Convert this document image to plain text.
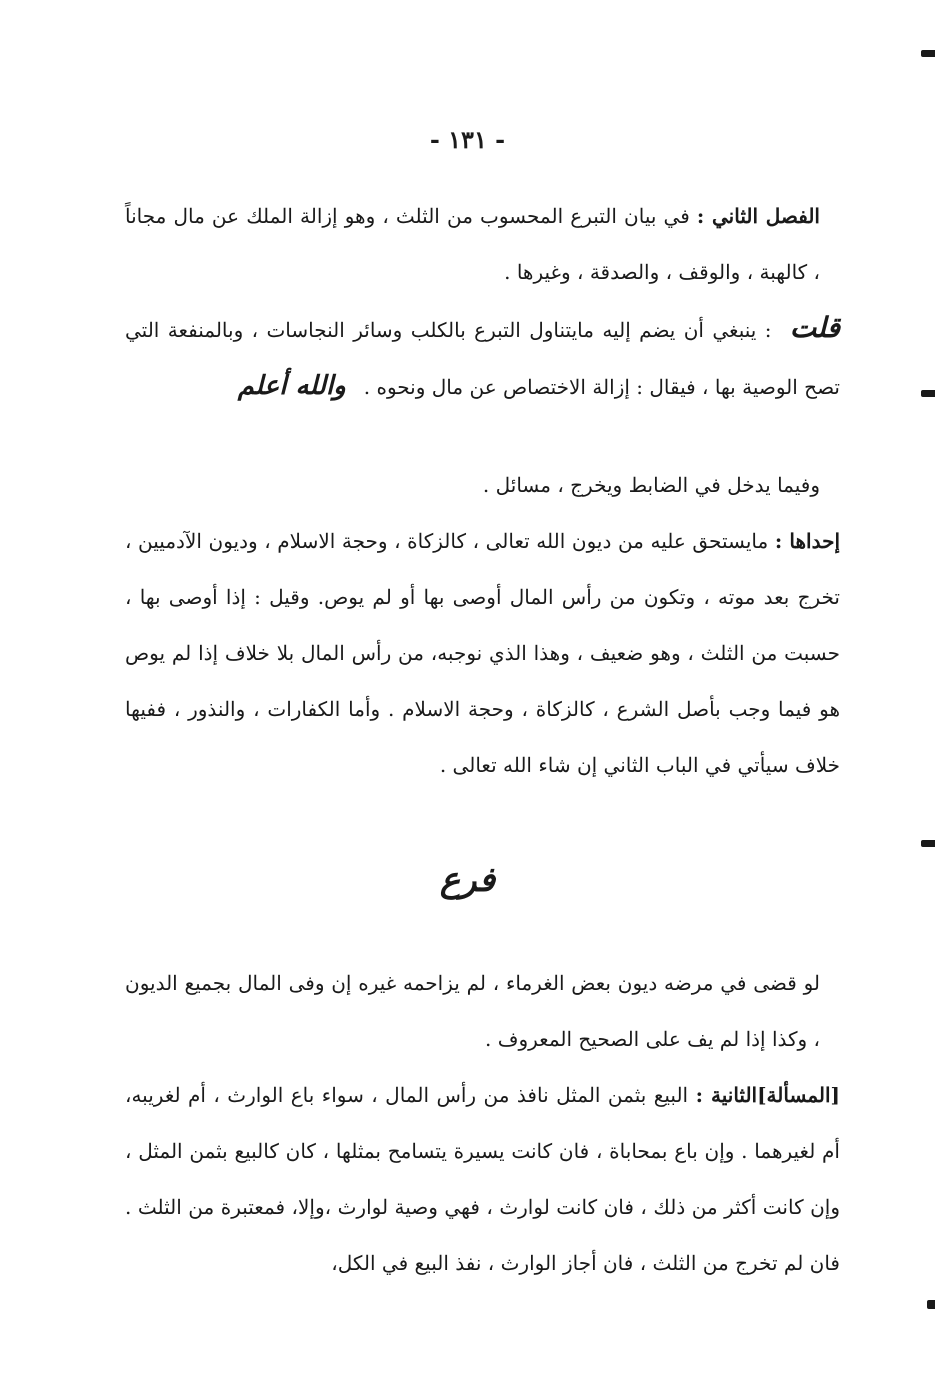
- ١٣١ -

الفصل الثاني : في بيان التبرع المحسوب من الثلث ، وهو إزالة الملك عن مال مجاناً ، كالهبة ، والوقف ، والصدقة ، وغيرها .

قلت : ينبغي أن يضم إليه مايتناول التبرع بالكلب وسائر النجاسات ، وبالمنفعة التي تصح الوصية بها ، فيقال : إزالة الاختصاص عن مال ونحوه .والله أعلم

وفيما يدخل في الضابط ويخرج ، مسائل .

إحداها : مايستحق عليه من ديون الله تعالى ، كالزكاة ، وحجة الاسلام ، وديون الآدميين ، تخرج بعد موته ، وتكون من رأس المال أوصى بها أو لم يوص. وقيل : إذا أوصى بها ، حسبت من الثلث ، وهو ضعيف ، وهذا الذي نوجبه، من رأس المال بلا خلاف إذا لم يوص هو فيما وجب بأصل الشرع ، كالزكاة ، وحجة الاسلام . وأما الكفارات ، والنذور ، ففيها خلاف سيأتي في الباب الثاني إن شاء الله تعالى .

فرع

لو قضى في مرضه ديون بعض الغرماء ، لم يزاحمه غيره إن وفى المال بجميع الديون ، وكذا إذا لم يف على الصحيح المعروف .

[المسألة]الثانية : البيع بثمن المثل نافذ من رأس المال ، سواء باع الوارث ، أم لغريبه، أم لغيرهما . وإن باع بمحاباة ، فان كانت يسيرة يتسامح بمثلها ، كان كالبيع بثمن المثل ، وإن كانت أكثر من ذلك ، فان كانت لوارث ، فهي وصية لوارث ،وإلا، فمعتبرة من الثلث . فان لم تخرج من الثلث ، فان أجاز الوارث ، نفذ البيع في الكل،
